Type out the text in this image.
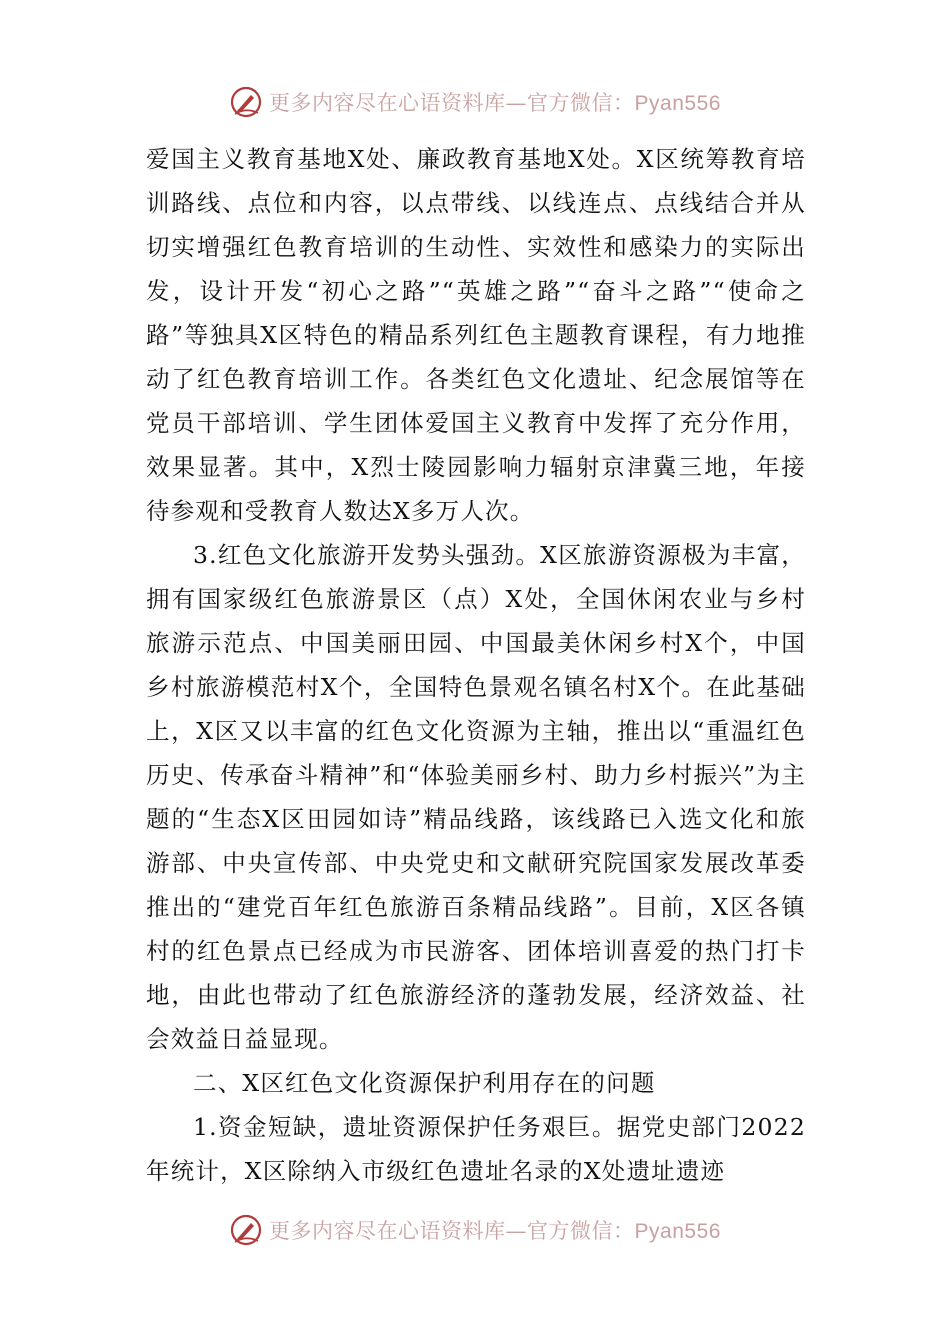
更多内容尽在心语资料库—官方微信：Pyan556

爱国主义教育基地X处、廉政教育基地X处。X区统筹教育培训路线、点位和内容，以点带线、以线连点、点线结合并从切实增强红色教育培训的生动性、实效性和感染力的实际出发，设计开发“初心之路”“英雄之路”“奋斗之路”“使命之路”等独具X区特色的精品系列红色主题教育课程，有力地推动了红色教育培训工作。各类红色文化遗址、纪念展馆等在党员干部培训、学生团体爱国主义教育中发挥了充分作用，效果显著。其中，X烈士陵园影响力辐射京津冀三地，年接待参观和受教育人数达X多万人次。

3.红色文化旅游开发势头强劲。X区旅游资源极为丰富，拥有国家级红色旅游景区（点）X处，全国休闲农业与乡村旅游示范点、中国美丽田园、中国最美休闲乡村X个，中国乡村旅游模范村X个，全国特色景观名镇名村X个。在此基础上，X区又以丰富的红色文化资源为主轴，推出以“重温红色历史、传承奋斗精神”和“体验美丽乡村、助力乡村振兴”为主题的“生态X区田园如诗”精品线路，该线路已入选文化和旅游部、中央宣传部、中央党史和文献研究院国家发展改革委推出的“建党百年红色旅游百条精品线路”。目前，X区各镇村的红色景点已经成为市民游客、团体培训喜爱的热门打卡地，由此也带动了红色旅游经济的蓬勃发展，经济效益、社会效益日益显现。

二、X区红色文化资源保护利用存在的问题

1.资金短缺，遗址资源保护任务艰巨。据党史部门2022年统计，X区除纳入市级红色遗址名录的X处遗址遗迹

更多内容尽在心语资料库—官方微信：Pyan556
